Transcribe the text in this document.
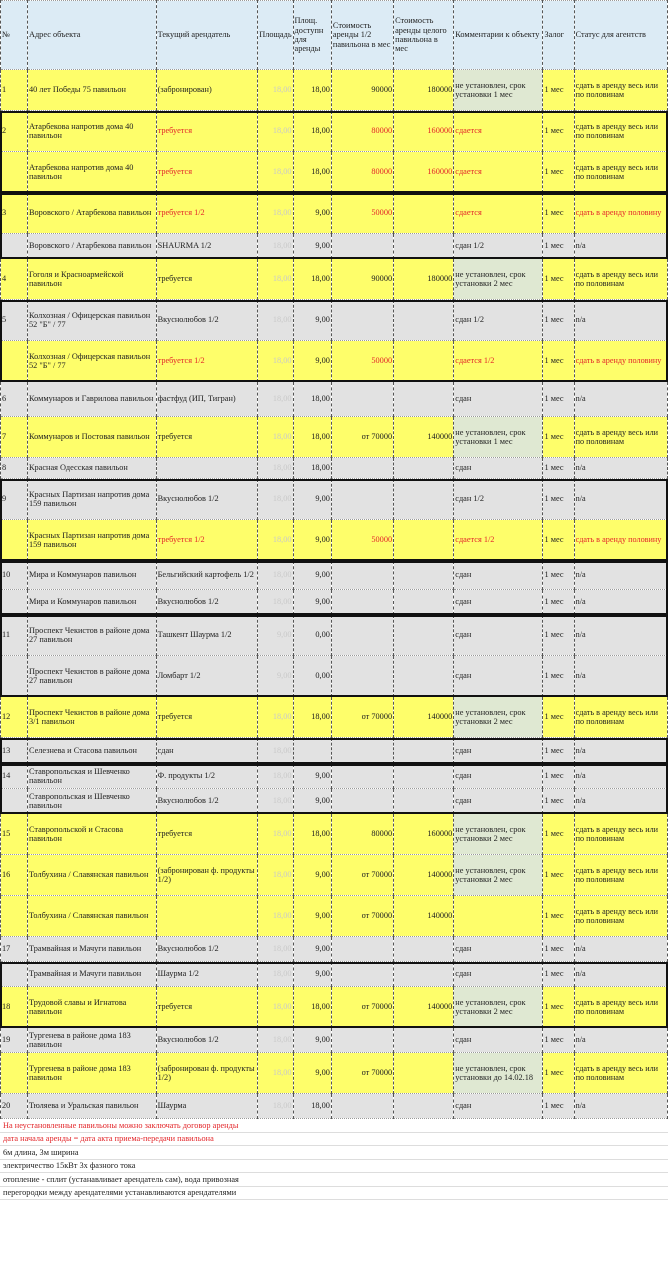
№	Адрес объекта	Текущий арендатель	Площадь	Площ. доступн для аренды	Стоимость аренды 1/2 павильона в мес	Стоимость аренды целого павильона в мес	Комментарии к объекту	Залог	Статус для агентств
1	40 лет Победы 75 павильон	(забронирован)	18,00	18,00	90000	180000	не установлен, срок установки 1 мес	1 мес	сдать в аренду весь или по половинам
2	Атарбекова напротив дома 40 павильон	требуется	18,00	18,00	80000	160000	сдается	1 мес	сдать в аренду весь или по половинам
	Атарбекова напротив дома 40 павильон	требуется	18,00	18,00	80000	160000	сдается	1 мес	сдать в аренду весь или по половинам
3	Воровского / Атарбекова павильон	требуется 1/2	18,00	9,00	50000		сдается	1 мес	сдать в аренду половину
	Воровского / Атарбекова павильон	SHAURMA 1/2	18,00	9,00			сдан 1/2	1 мес	n/a
4	Гоголя и Красноармейской павильон	требуется	18,00	18,00	90000	180000	не установлен, срок установки 2 мес	1 мес	сдать в аренду весь или по половинам
5	Колхозная / Офицерская павильон 52 "Б" / 77	Вкуснолюбов 1/2	18,00	9,00			сдан 1/2	1 мес	n/a
	Колхозная / Офицерская павильон 52 "Б" / 77	требуется 1/2	18,00	9,00	50000		сдается 1/2	1 мес	сдать в аренду половину
6	Коммунаров и Гаврилова павильон	фастфуд (ИП, Тигран)	18,00	18,00			сдан	1 мес	n/a
7	Коммунаров и Постовая павильон	требуется	18,00	18,00	от 70000	140000	не установлен, срок установки 1 мес	1 мес	сдать в аренду весь или по половинам
8	Красная Одесская павильон		18,00	18,00			сдан	1 мес	n/a
9	Красных Партизан напротив дома 159 павильон	Вкуснолюбов 1/2	18,00	9,00			сдан 1/2	1 мес	n/a
	Красных Партизан напротив дома 159 павильон	требуется 1/2	18,00	9,00	50000		сдается 1/2	1 мес	сдать в аренду половину
10	Мира и Коммунаров павильон	Бельгийский картофель 1/2	18,00	9,00			сдан	1 мес	n/a
	Мира и Коммунаров павильон	Вкуснолюбов 1/2	18,00	9,00			сдан	1 мес	n/a
11	Проспект Чекистов в районе дома 27 павильон	Ташкент Шаурма 1/2	9,00	0,00			сдан	1 мес	n/a
	Проспект Чекистов в районе дома 27 павильон	Ломбарт 1/2	9,00	0,00			сдан	1 мес	n/a
12	Проспект Чекистов в районе дома 3/1 павильон	требуется	18,00	18,00	от 70000	140000	не установлен, срок установки 2 мес	1 мес	сдать в аренду весь или по половинам
13	Селезнева и Стасова павильон	сдан	18,00				сдан	1 мес	n/a
14	Ставропольская и Шевченко павильон	Ф. продукты 1/2	18,00	9,00			сдан	1 мес	n/a
	Ставропольская и Шевченко павильон	Вкуснолюбов 1/2	18,00	9,00			сдан	1 мес	n/a
15	Ставропольской и Стасова павильон	требуется	18,00	18,00	80000	160000	не установлен, срок установки 2 мес	1 мес	сдать в аренду весь или по половинам
16	Толбухина / Славянская павильон	(забронирован ф. продукты 1/2)	18,00	9,00	от 70000	140000	не установлен, срок установки 2 мес	1 мес	сдать в аренду весь или по половинам
	Толбухина / Славянская павильон		18,00	9,00	от 70000	140000		1 мес	сдать в аренду весь или по половинам
17	Трамвайная и Мачуги павильон	Вкуснолюбов 1/2	18,00	9,00			сдан	1 мес	n/a
	Трамвайная и Мачуги павильон	Шаурма 1/2	18,00	9,00			сдан	1 мес	n/a
18	Трудовой славы и Игнатова павильон	требуется	18,00	18,00	от 70000	140000	не установлен, срок установки 2 мес	1 мес	сдать в аренду весь или по половинам
19	Тургенева в районе дома 183 павильон	Вкуснолюбов 1/2	18,00	9,00			сдан	1 мес	n/a
	Тургенева в районе дома 183 павильон	(забронирован ф. продукты 1/2)	18,00	9,00	от 70000		не установлен, срок установки до 14.02.18	1 мес	сдать в аренду весь или по половинам
20	Тюляева и Уральская павильон	Шаурма	18,00	18,00			сдан	1 мес	n/a
На неустановленные павильоны можно заключать договор аренды
дата начала аренды = дата акта приема-передачи павильона
6м длина, 3м ширина
электричество 15кВт 3х фазного тока
отопление - сплит (устанавливает арендатель сам), вода привозная
перегородки между арендателями устанавливаются арендателями
